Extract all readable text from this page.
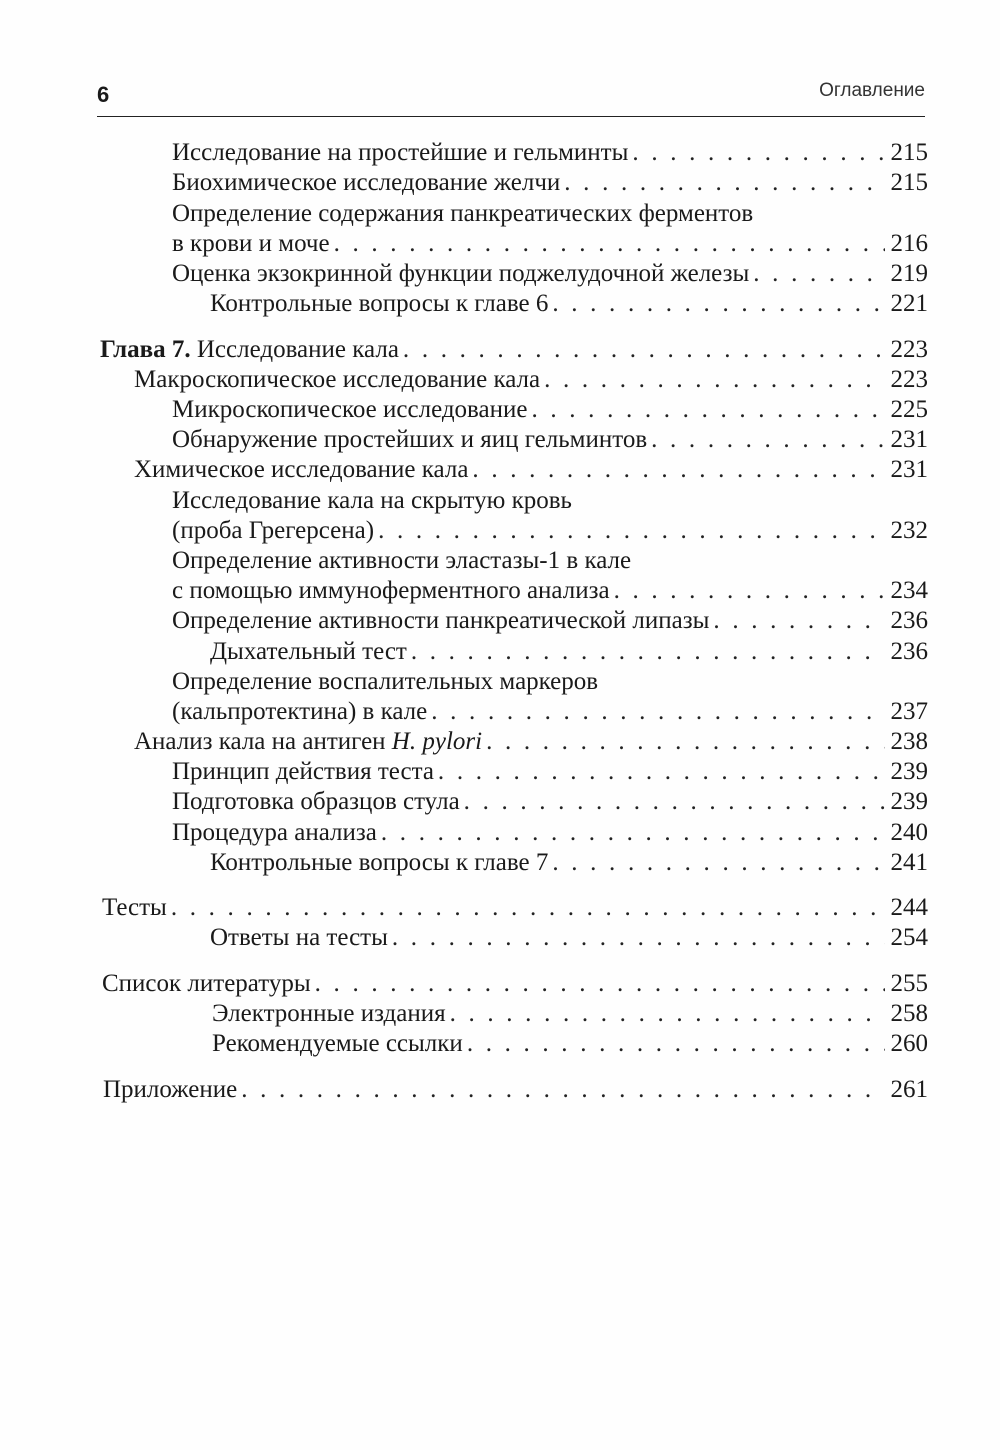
6	Оглавление
Исследование на простейшие и гельминты . . .	215
Биохимическое исследование желчи . . .	215
Определение содержания панкреатических ферментов
в крови и моче . . .	216
Оценка экзокринной функции поджелудочной железы . . .	219
Контрольные вопросы к главе 6 . . .	221
Глава 7. Исследование кала . . .	223
Макроскопическое исследование кала . . .	223
Микроскопическое исследование . . .	225
Обнаружение простейших и яиц гельминтов . . .	231
Химическое исследование кала . . .	231
Исследование кала на скрытую кровь
(проба Грегерсена) . . .	232
Определение активности эластазы-1 в кале
с помощью иммуноферментного анализа . . .	234
Определение активности панкреатической липазы . . .	236
Дыхательный тест . . .	236
Определение воспалительных маркеров
(кальпротектина) в кале . . .	237
Анализ кала на антиген H. pylori . . .	238
Принцип действия теста . . .	239
Подготовка образцов стула . . .	239
Процедура анализа . . .	240
Контрольные вопросы к главе 7 . . .	241
Тесты . . .	244
Ответы на тесты . . .	254
Список литературы . . .	255
Электронные издания . . .	258
Рекомендуемые ссылки . . .	260
Приложение . . .	261
